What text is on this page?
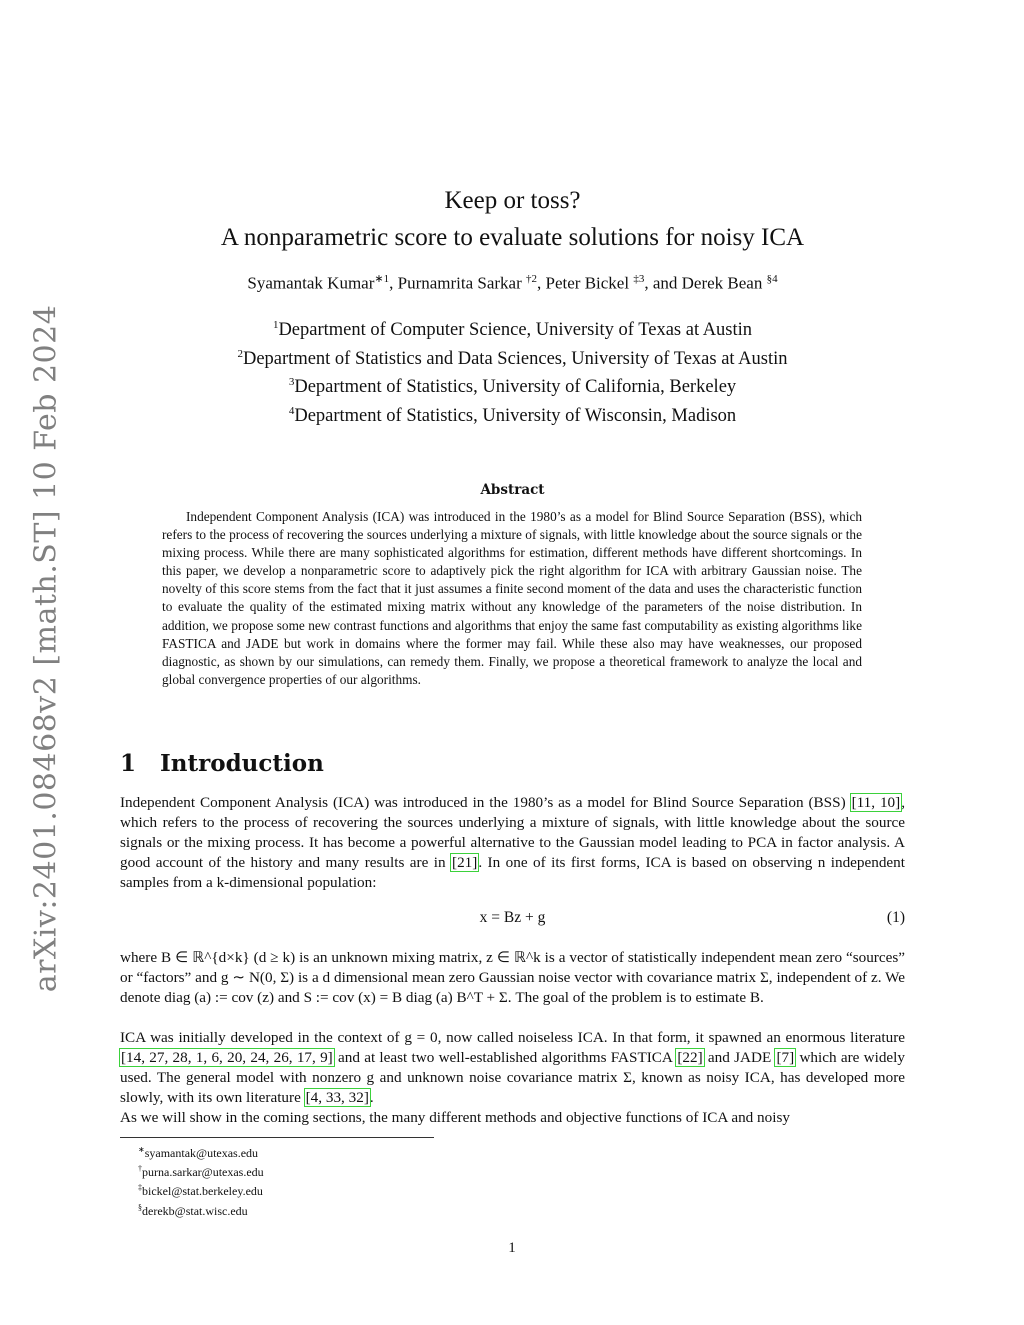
arXiv:2401.08468v2 [math.ST] 10 Feb 2024
Keep or toss?
A nonparametric score to evaluate solutions for noisy ICA
Syamantak Kumar$^{∗1}$, Purnamrita Sarkar $^{\dagger 2}$, Peter Bickel $^{\ddagger 3}$, and Derek Bean $^{\S 4}$
$^1$Department of Computer Science, University of Texas at Austin
$^2$Department of Statistics and Data Sciences, University of Texas at Austin
$^3$Department of Statistics, University of California, Berkeley
$^4$Department of Statistics, University of Wisconsin, Madison
Abstract
Independent Component Analysis (ICA) was introduced in the 1980’s as a model for Blind Source Separation (BSS), which refers to the process of recovering the sources underlying a mixture of signals, with little knowledge about the source signals or the mixing process. While there are many sophisticated algorithms for estimation, different methods have different shortcomings. In this paper, we develop a nonparametric score to adaptively pick the right algorithm for ICA with arbitrary Gaussian noise. The novelty of this score stems from the fact that it just assumes a finite second moment of the data and uses the characteristic function to evaluate the quality of the estimated mixing matrix without any knowledge of the parameters of the noise distribution. In addition, we propose some new contrast functions and algorithms that enjoy the same fast computability as existing algorithms like FASTICA and JADE but work in domains where the former may fail. While these also may have weaknesses, our proposed diagnostic, as shown by our simulations, can remedy them. Finally, we propose a theoretical framework to analyze the local and global convergence properties of our algorithms.
1 Introduction
Independent Component Analysis (ICA) was introduced in the 1980’s as a model for Blind Source Separation (BSS) [11, 10], which refers to the process of recovering the sources underlying a mixture of signals, with little knowledge about the source signals or the mixing process. It has become a powerful alternative to the Gaussian model leading to PCA in factor analysis. A good account of the history and many results are in [21]. In one of its first forms, ICA is based on observing n independent samples from a k-dimensional population:
x = Bz + g	(1)
where B ∈ ℝ^{d×k} (d ≥ k) is an unknown mixing matrix, z ∈ ℝ^k is a vector of statistically independent mean zero “sources” or “factors” and g ∼ N(0, Σ) is a d dimensional mean zero Gaussian noise vector with covariance matrix Σ, independent of z. We denote diag (a) := cov (z) and S := cov (x) = B diag (a) B^T + Σ. The goal of the problem is to estimate B.
ICA was initially developed in the context of g = 0, now called noiseless ICA. In that form, it spawned an enormous literature [14, 27, 28, 1, 6, 20, 24, 26, 17, 9] and at least two well-established algorithms FASTICA [22] and JADE [7] which are widely used. The general model with nonzero g and unknown noise covariance matrix Σ, known as noisy ICA, has developed more slowly, with its own literature [4, 33, 32].
As we will show in the coming sections, the many different methods and objective functions of ICA and noisy
∗syamantak@utexas.edu
†purna.sarkar@utexas.edu
‡bickel@stat.berkeley.edu
§derekb@stat.wisc.edu
1
